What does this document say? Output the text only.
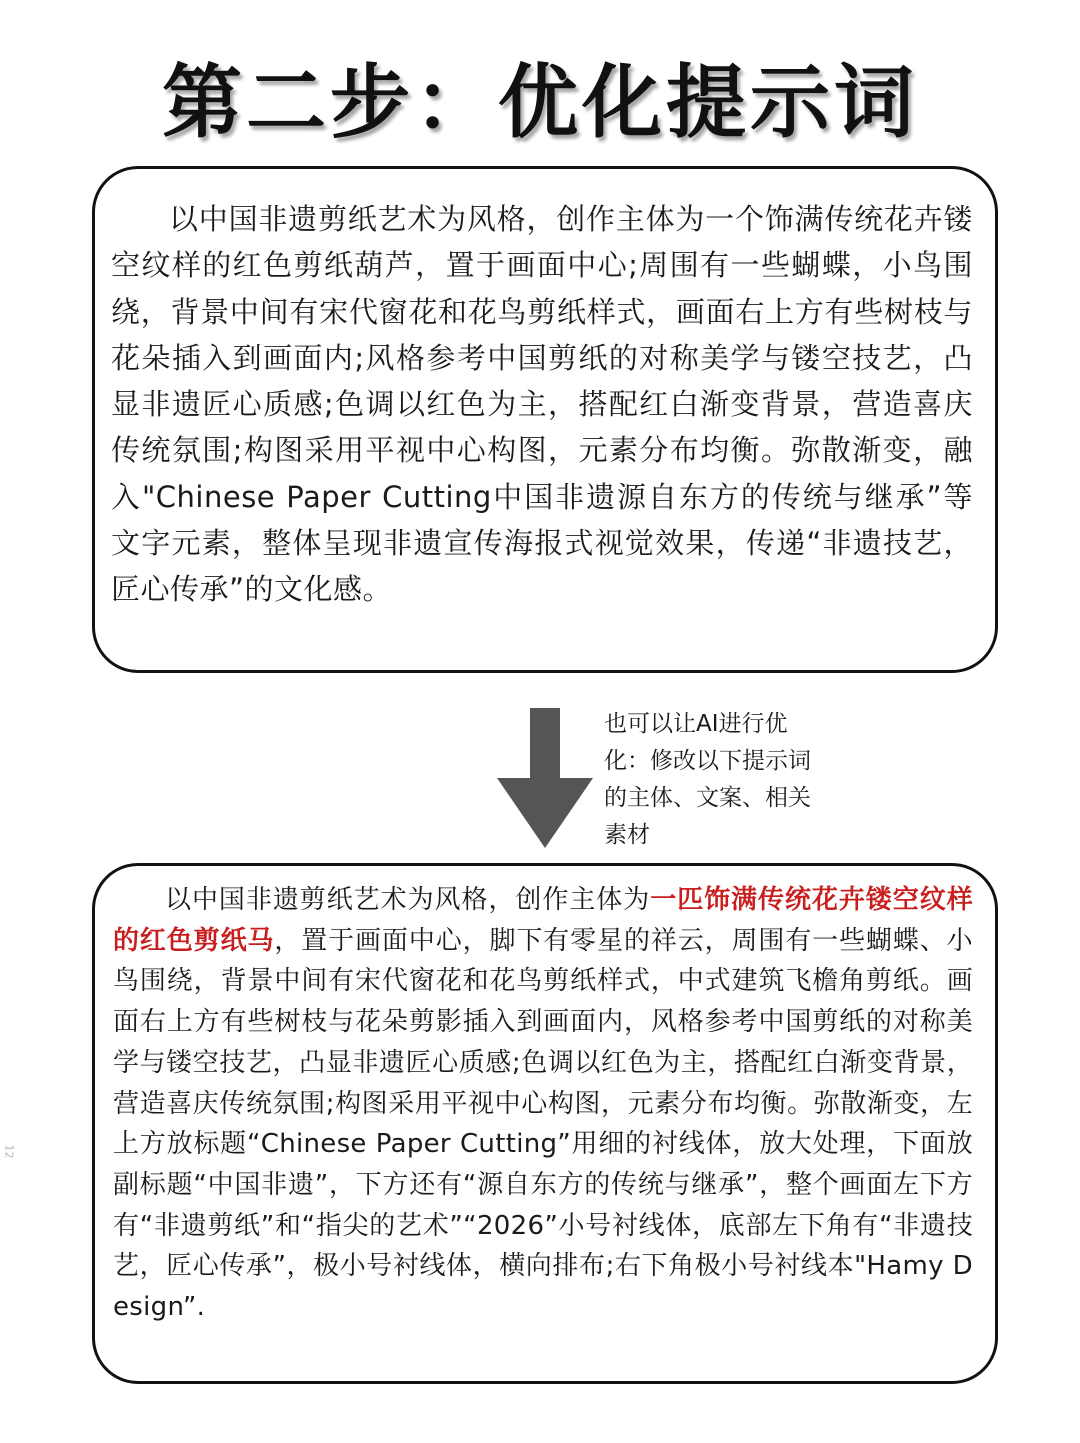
第二步：优化提示词

以中国非遗剪纸艺术为风格，创作主体为一个饰满传统花卉镂空纹样的红色剪纸葫芦，置于画面中心;周围有一些蝴蝶，小鸟围绕，背景中间有宋代窗花和花鸟剪纸样式，画面右上方有些树枝与花朵插入到画面内;风格参考中国剪纸的对称美学与镂空技艺，凸显非遗匠心质感;色调以红色为主，搭配红白渐变背景，营造喜庆传统氛围;构图采用平视中心构图，元素分布均衡。弥散渐变，融入"Chinese Paper Cutting中国非遗源自东方的传统与继承”等文字元素，整体呈现非遗宣传海报式视觉效果，传递“非遗技艺，匠心传承”的文化感。

也可以让AI进行优化：修改以下提示词的主体、文案、相关素材

以中国非遗剪纸艺术为风格，创作主体为一匹饰满传统花卉镂空纹样的红色剪纸马，置于画面中心，脚下有零星的祥云，周围有一些蝴蝶、小鸟围绕，背景中间有宋代窗花和花鸟剪纸样式，中式建筑飞檐角剪纸。画面右上方有些树枝与花朵剪影插入到画面内，风格参考中国剪纸的对称美学与镂空技艺，凸显非遗匠心质感;色调以红色为主，搭配红白渐变背景，营造喜庆传统氛围;构图采用平视中心构图，元素分布均衡。弥散渐变，左上方放标题“Chinese Paper Cutting”用细的衬线体，放大处理，下面放副标题“中国非遗”，下方还有“源自东方的传统与继承”，整个画面左下方有“非遗剪纸”和“指尖的艺术”“2026”小号衬线体，底部左下角有“非遗技艺，匠心传承”，极小号衬线体，横向排布;右下角极小号衬线本"Hamy Design”.

12
